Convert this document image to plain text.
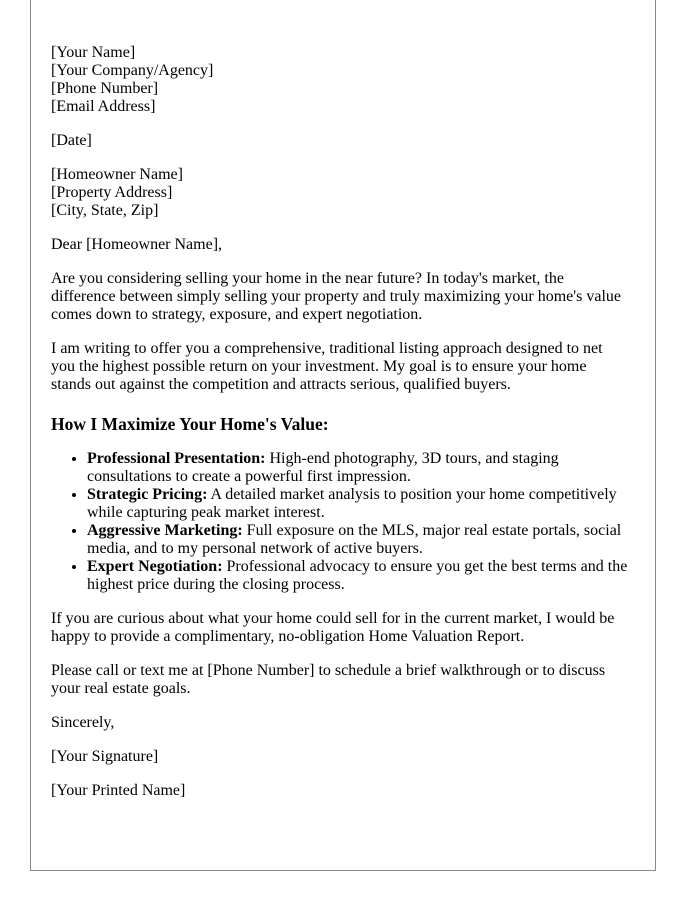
[Your Name]
[Your Company/Agency]
[Phone Number]
[Email Address]

[Date]

[Homeowner Name]
[Property Address]
[City, State, Zip]

Dear [Homeowner Name],

Are you considering selling your home in the near future? In today's market, the difference between simply selling your property and truly maximizing your home's value comes down to strategy, exposure, and expert negotiation.

I am writing to offer you a comprehensive, traditional listing approach designed to net you the highest possible return on your investment. My goal is to ensure your home stands out against the competition and attracts serious, qualified buyers.

How I Maximize Your Home's Value:
• Professional Presentation: High-end photography, 3D tours, and staging consultations to create a powerful first impression.
• Strategic Pricing: A detailed market analysis to position your home competitively while capturing peak market interest.
• Aggressive Marketing: Full exposure on the MLS, major real estate portals, social media, and to my personal network of active buyers.
• Expert Negotiation: Professional advocacy to ensure you get the best terms and the highest price during the closing process.

If you are curious about what your home could sell for in the current market, I would be happy to provide a complimentary, no-obligation Home Valuation Report.

Please call or text me at [Phone Number] to schedule a brief walkthrough or to discuss your real estate goals.

Sincerely,

[Your Signature]

[Your Printed Name]
